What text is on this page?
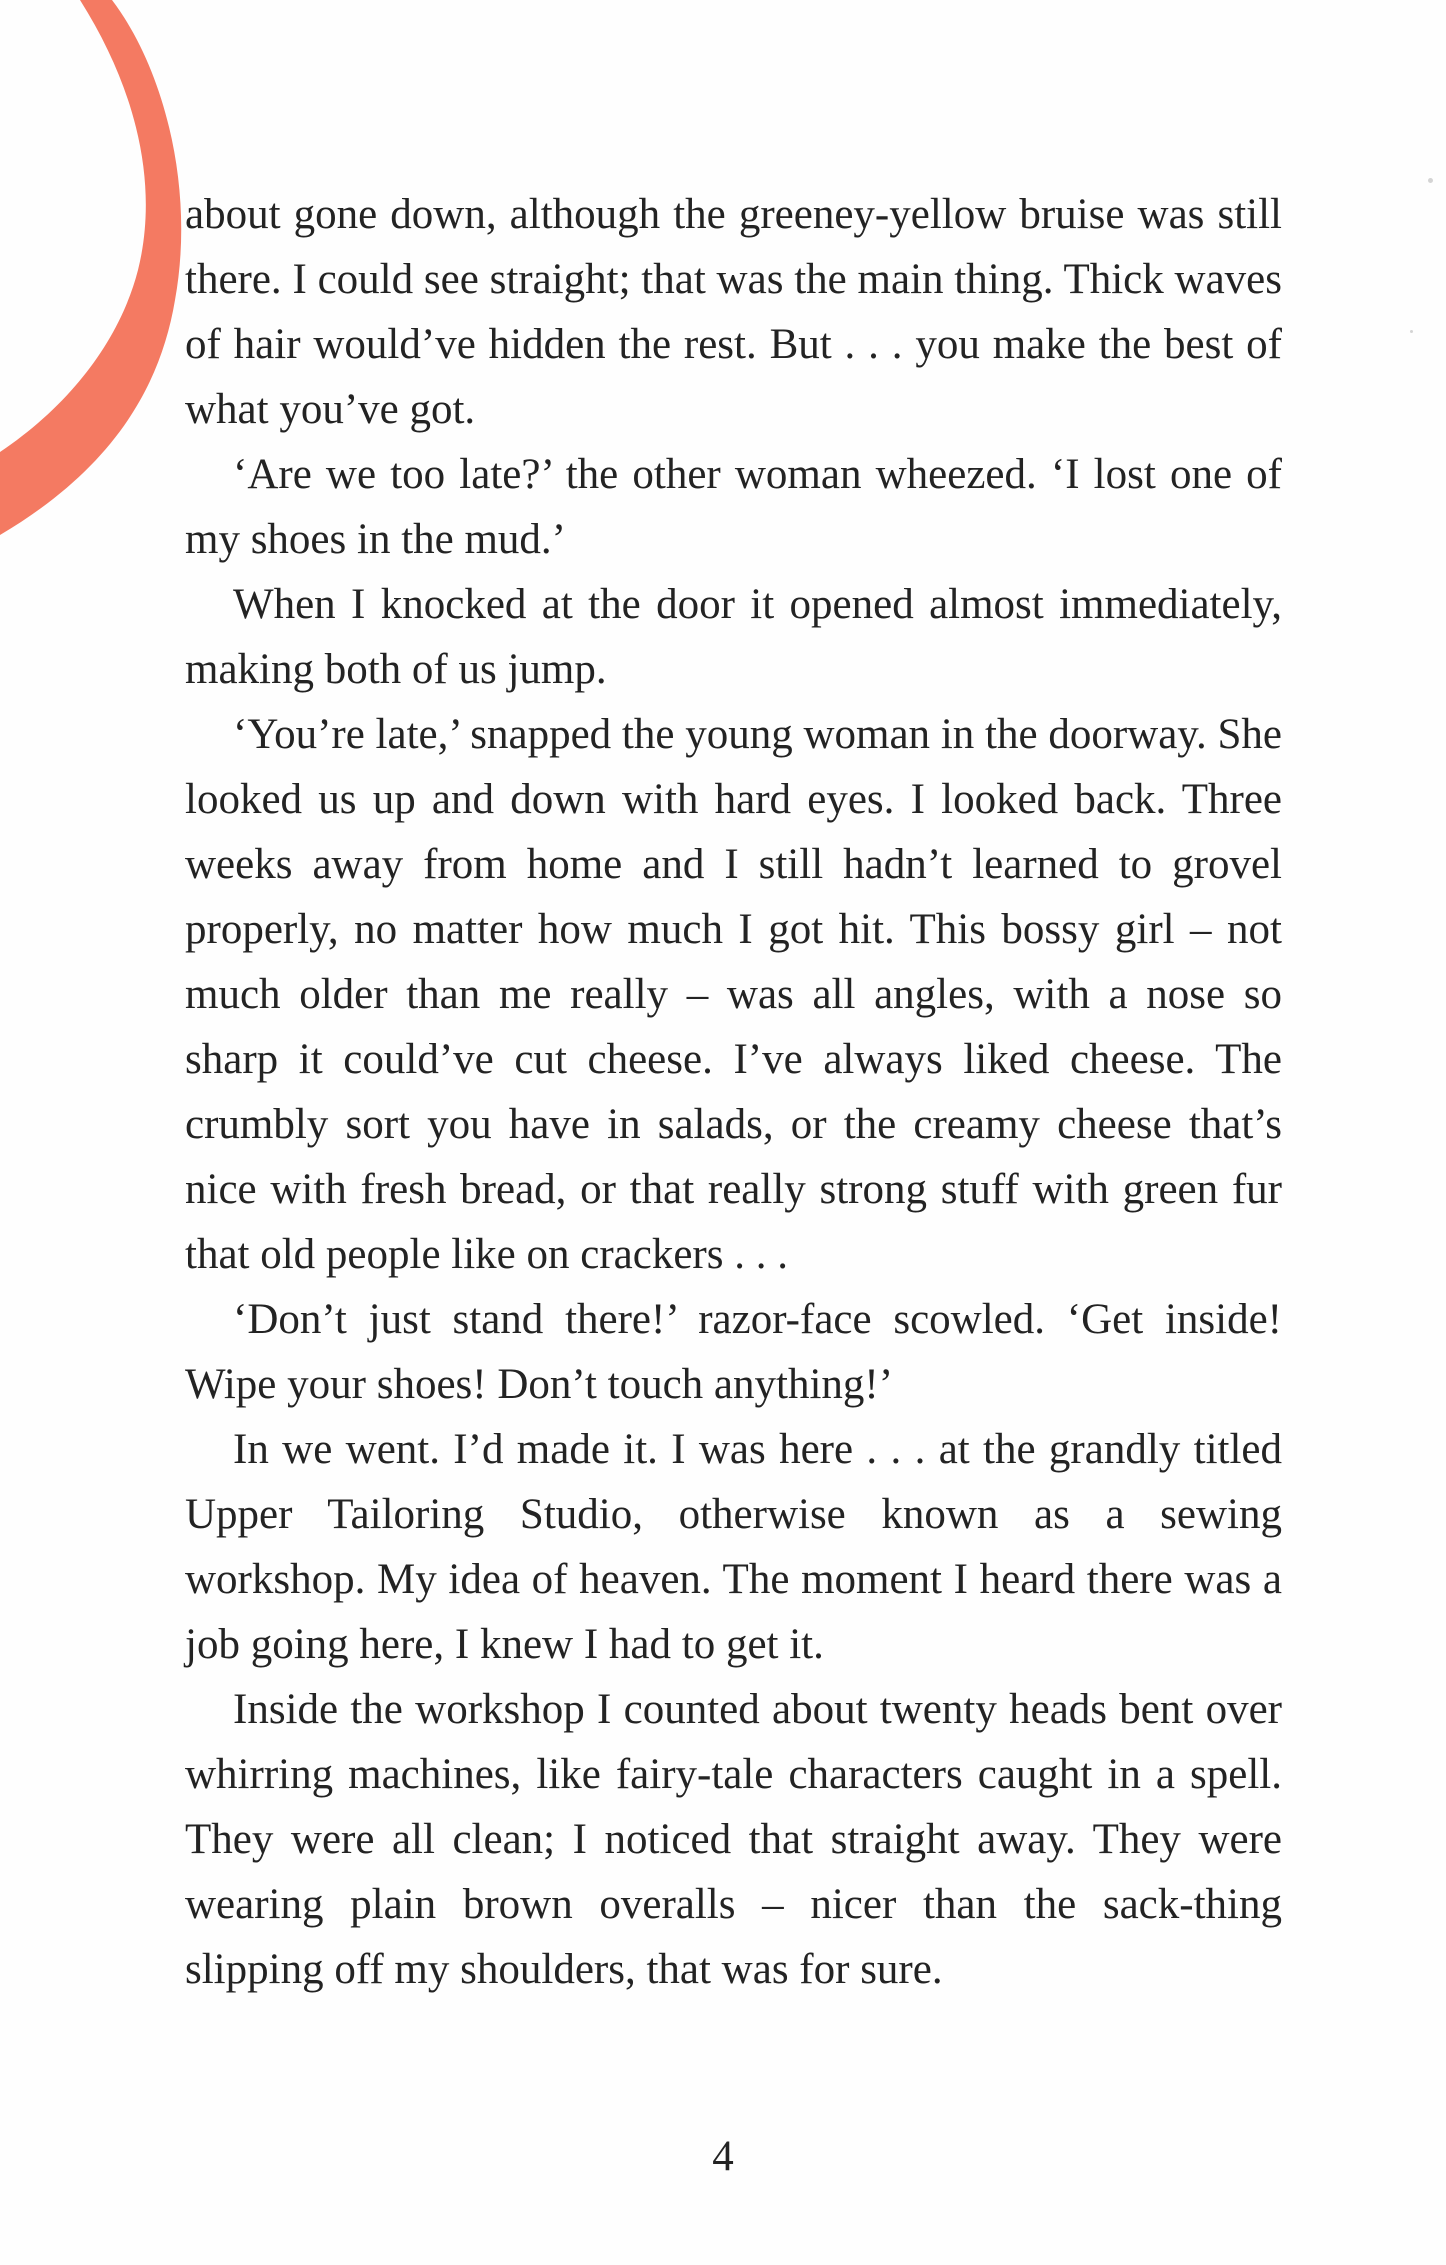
about gone down, although the greeney-yellow bruise was still there. I could see straight; that was the main thing. Thick waves of hair would’ve hidden the rest. But . . . you make the best of what you’ve got.

‘Are we too late?’ the other woman wheezed. ‘I lost one of my shoes in the mud.’

When I knocked at the door it opened almost immediately, making both of us jump.

‘You’re late,’ snapped the young woman in the doorway. She looked us up and down with hard eyes. I looked back. Three weeks away from home and I still hadn’t learned to grovel properly, no matter how much I got hit. This bossy girl – not much older than me really – was all angles, with a nose so sharp it could’ve cut cheese. I’ve always liked cheese. The crumbly sort you have in salads, or the creamy cheese that’s nice with fresh bread, or that really strong stuff with green fur that old people like on crackers . . .

‘Don’t just stand there!’ razor-face scowled. ‘Get inside! Wipe your shoes! Don’t touch anything!’

In we went. I’d made it. I was here . . . at the grandly titled Upper Tailoring Studio, otherwise known as a sewing workshop. My idea of heaven. The moment I heard there was a job going here, I knew I had to get it.

Inside the workshop I counted about twenty heads bent over whirring machines, like fairy-tale characters caught in a spell. They were all clean; I noticed that straight away. They were wearing plain brown overalls – nicer than the sack-thing slipping off my shoulders, that was for sure.

4
